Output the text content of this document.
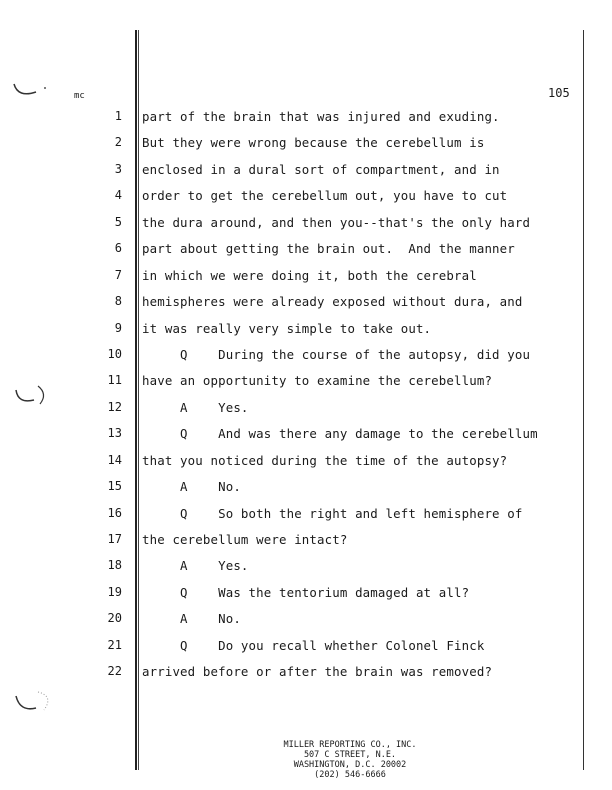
mc	105
1 part of the brain that was injured and exuding.
2 But they were wrong because the cerebellum is
3 enclosed in a dural sort of compartment, and in
4 order to get the cerebellum out, you have to cut
5 the dura around, and then you--that's the only hard
6 part about getting the brain out.  And the manner
7 in which we were doing it, both the cerebral
8 hemispheres were already exposed without dura, and
9 it was really very simple to take out.
10 Q    During the course of the autopsy, did you
11 have an opportunity to examine the cerebellum?
12 A    Yes.
13 Q    And was there any damage to the cerebellum
14 that you noticed during the time of the autopsy?
15 A    No.
16 Q    So both the right and left hemisphere of
17 the cerebellum were intact?
18 A    Yes.
19 Q    Was the tentorium damaged at all?
20 A    No.
21 Q    Do you recall whether Colonel Finck
22 arrived before or after the brain was removed?
MILLER REPORTING CO., INC.
507 C STREET, N.E.
WASHINGTON, D.C. 20002
(202) 546-6666
